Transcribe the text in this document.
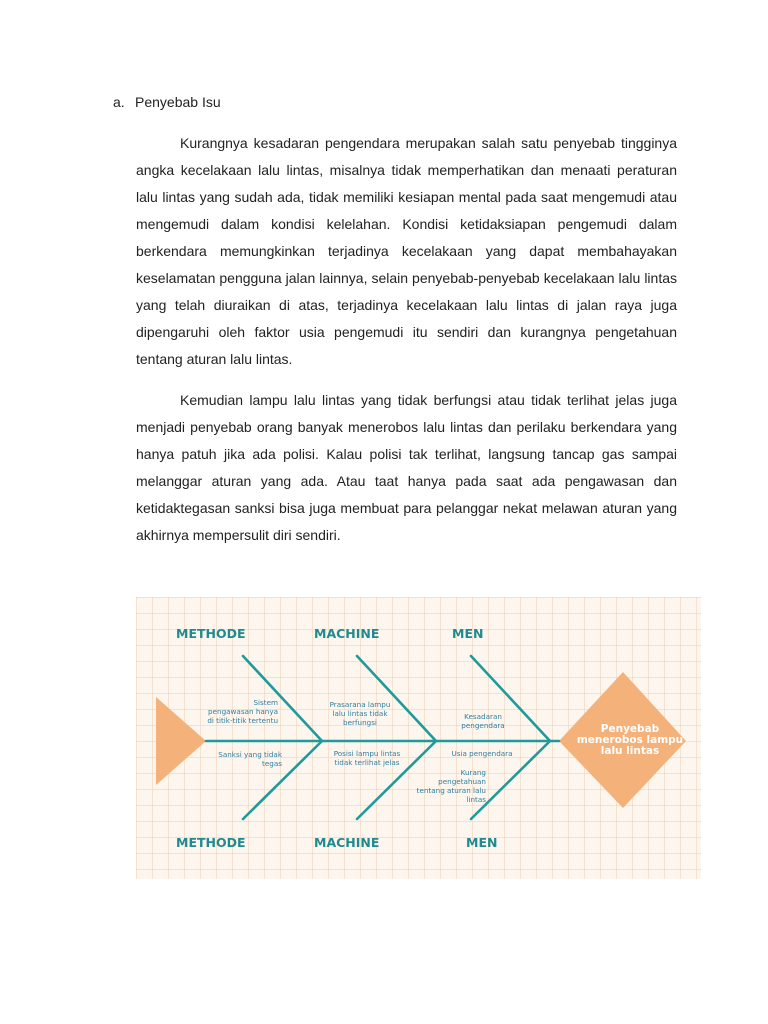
a. Penyebab Isu

Kurangnya kesadaran pengendara merupakan salah satu penyebab tingginya angka kecelakaan lalu lintas, misalnya tidak memperhatikan dan menaati peraturan lalu lintas yang sudah ada, tidak memiliki kesiapan mental pada saat mengemudi atau mengemudi dalam kondisi kelelahan. Kondisi ketidaksiapan pengemudi dalam berkendara memungkinkan terjadinya kecelakaan yang dapat membahayakan keselamatan pengguna jalan lainnya, selain penyebab-penyebab kecelakaan lalu lintas yang telah diuraikan di atas, terjadinya kecelakaan lalu lintas di jalan raya juga dipengaruhi oleh faktor usia pengemudi itu sendiri dan kurangnya pengetahuan tentang aturan lalu lintas.

Kemudian lampu lalu lintas yang tidak berfungsi atau tidak terlihat jelas juga menjadi penyebab orang banyak menerobos lalu lintas dan perilaku berkendara yang hanya patuh jika ada polisi. Kalau polisi tak terlihat, langsung tancap gas sampai melanggar aturan yang ada. Atau taat hanya pada saat ada pengawasan dan ketidaktegasan sanksi bisa juga membuat para pelanggar nekat melawan aturan yang akhirnya mempersulit diri sendiri.

METHODE	MACHINE	MEN
METHODE	MACHINE	MEN
Sistem pengawasan hanya di titik-titik tertentu
Sanksi yang tidak tegas
Prasarana lampu lalu lintas tidak berfungsi
Posisi lampu lintas tidak terlihat jelas
Kesadaran pengendara
Usia pengendara
Kurang pengetahuan tentang aturan lalu lintas
Penyebab menerobos lampu lalu lintas
